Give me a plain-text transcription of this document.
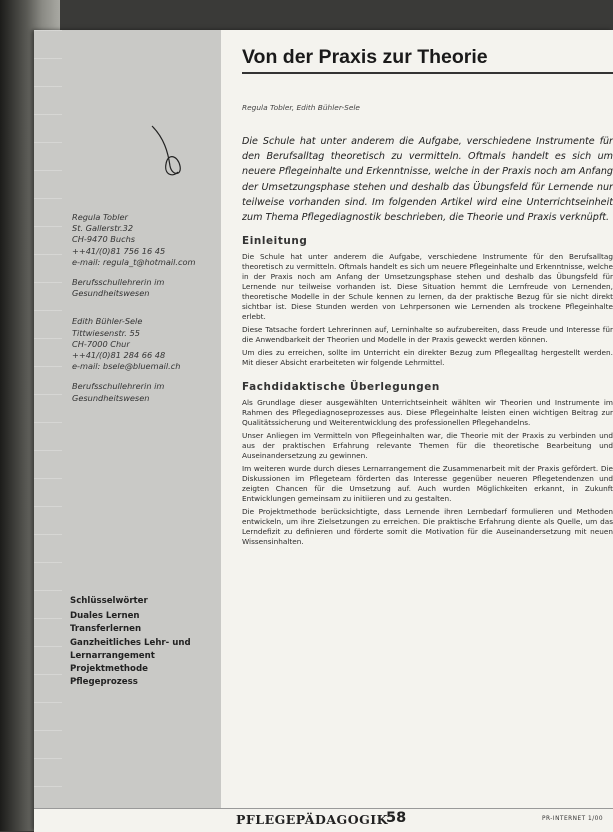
Regula Tobler
St. Gallerstr.32
CH-9470 Buchs
++41/(0)81 756 16 45
e-mail: regula_t@hotmail.com

Berufsschullehrerin im
Gesundheitswesen

Edith Bühler-Sele
Tittwiesenstr. 55
CH-7000 Chur
++41/(0)81 284 66 48
e-mail: bsele@bluemail.ch

Berufsschullehrerin im
Gesundheitswesen

Schlüsselwörter
Duales Lernen
Transferlernen
Ganzheitliches Lehr- und Lernarrangement
Projektmethode
Pflegeprozess
Von der Praxis zur Theorie
Regula Tobler, Edith Bühler-Sele
Die Schule hat unter anderem die Aufgabe, verschiedene Instrumente für den Berufsalltag theoretisch zu vermitteln. Oftmals handelt es sich um neuere Pflegeinhalte und Erkenntnisse, welche in der Praxis noch am Anfang der Umsetzungsphase stehen und deshalb das Übungsfeld für Lernende nur teilweise vorhanden sind. Im folgenden Artikel wird eine Unterrichtseinheit zum Thema Pflegediagnostik beschrieben, die Theorie und Praxis verknüpft.
Einleitung

Die Schule hat unter anderem die Aufgabe, verschiedene Instrumente für den Berufsalltag theoretisch zu vermitteln. Oftmals handelt es sich um neuere Pflegeinhalte und Erkenntnisse, welche in der Praxis noch am Anfang der Umsetzungsphase stehen und deshalb das Übungsfeld für Lernende nur teilweise vorhanden ist. Diese Situation hemmt die Lernfreude von Lernenden, theoretische Modelle in der Schule kennen zu lernen, da der praktische Bezug für sie nicht direkt sichtbar ist. Diese Stunden werden von Lehrpersonen wie Lernenden als trockene Pflegeinhalte erlebt.

Diese Tatsache fordert Lehrerinnen auf, Lerninhalte so aufzubereiten, dass Freude und Interesse für die Anwendbarkeit der Theorien und Modelle in der Praxis geweckt werden können.

Um dies zu erreichen, sollte im Unterricht ein direkter Bezug zum Pflegealltag hergestellt werden. Mit dieser Absicht erarbeiteten wir folgende Lehrmittel.

Fachdidaktische Überlegungen

Als Grundlage dieser ausgewählten Unterrichtseinheit wählten wir Theorien und Instrumente im Rahmen des Pflegediagnoseprozesses aus. Diese Pflegeinhalte leisten einen wichtigen Beitrag zur Qualitätssicherung und Weiterentwicklung des professionellen Pflegehandelns.

Unser Anliegen im Vermitteln von Pflegeinhalten war, die Theorie mit der Praxis zu verbinden und aus der praktischen Erfahrung relevante Themen für die theoretische Bearbeitung und Auseinandersetzung zu gewinnen.

Im weiteren wurde durch dieses Lernarrangement die Zusammenarbeit mit der Praxis gefördert. Die Diskussionen im Pflegeteam förderten das Interesse gegenüber neueren Pflegetendenzen und zeigten Chancen für die Umsetzung auf. Auch wurden Möglichkeiten erkannt, in Zukunft Entwicklungen gemeinsam zu initiieren und zu gestalten.

Die Projektmethode berücksichtigte, dass Lernende ihren Lernbedarf formulieren und Methoden entwickeln, um ihre Zielsetzungen zu erreichen. Die praktische Erfahrung diente als Quelle, um das Lerndefizit zu definieren und förderte somit die Motivation für die Auseinandersetzung mit neuen Wissensinhalten.

PFLEGEPÄDAGOGIK
58	PR-INTERNET 1/00
